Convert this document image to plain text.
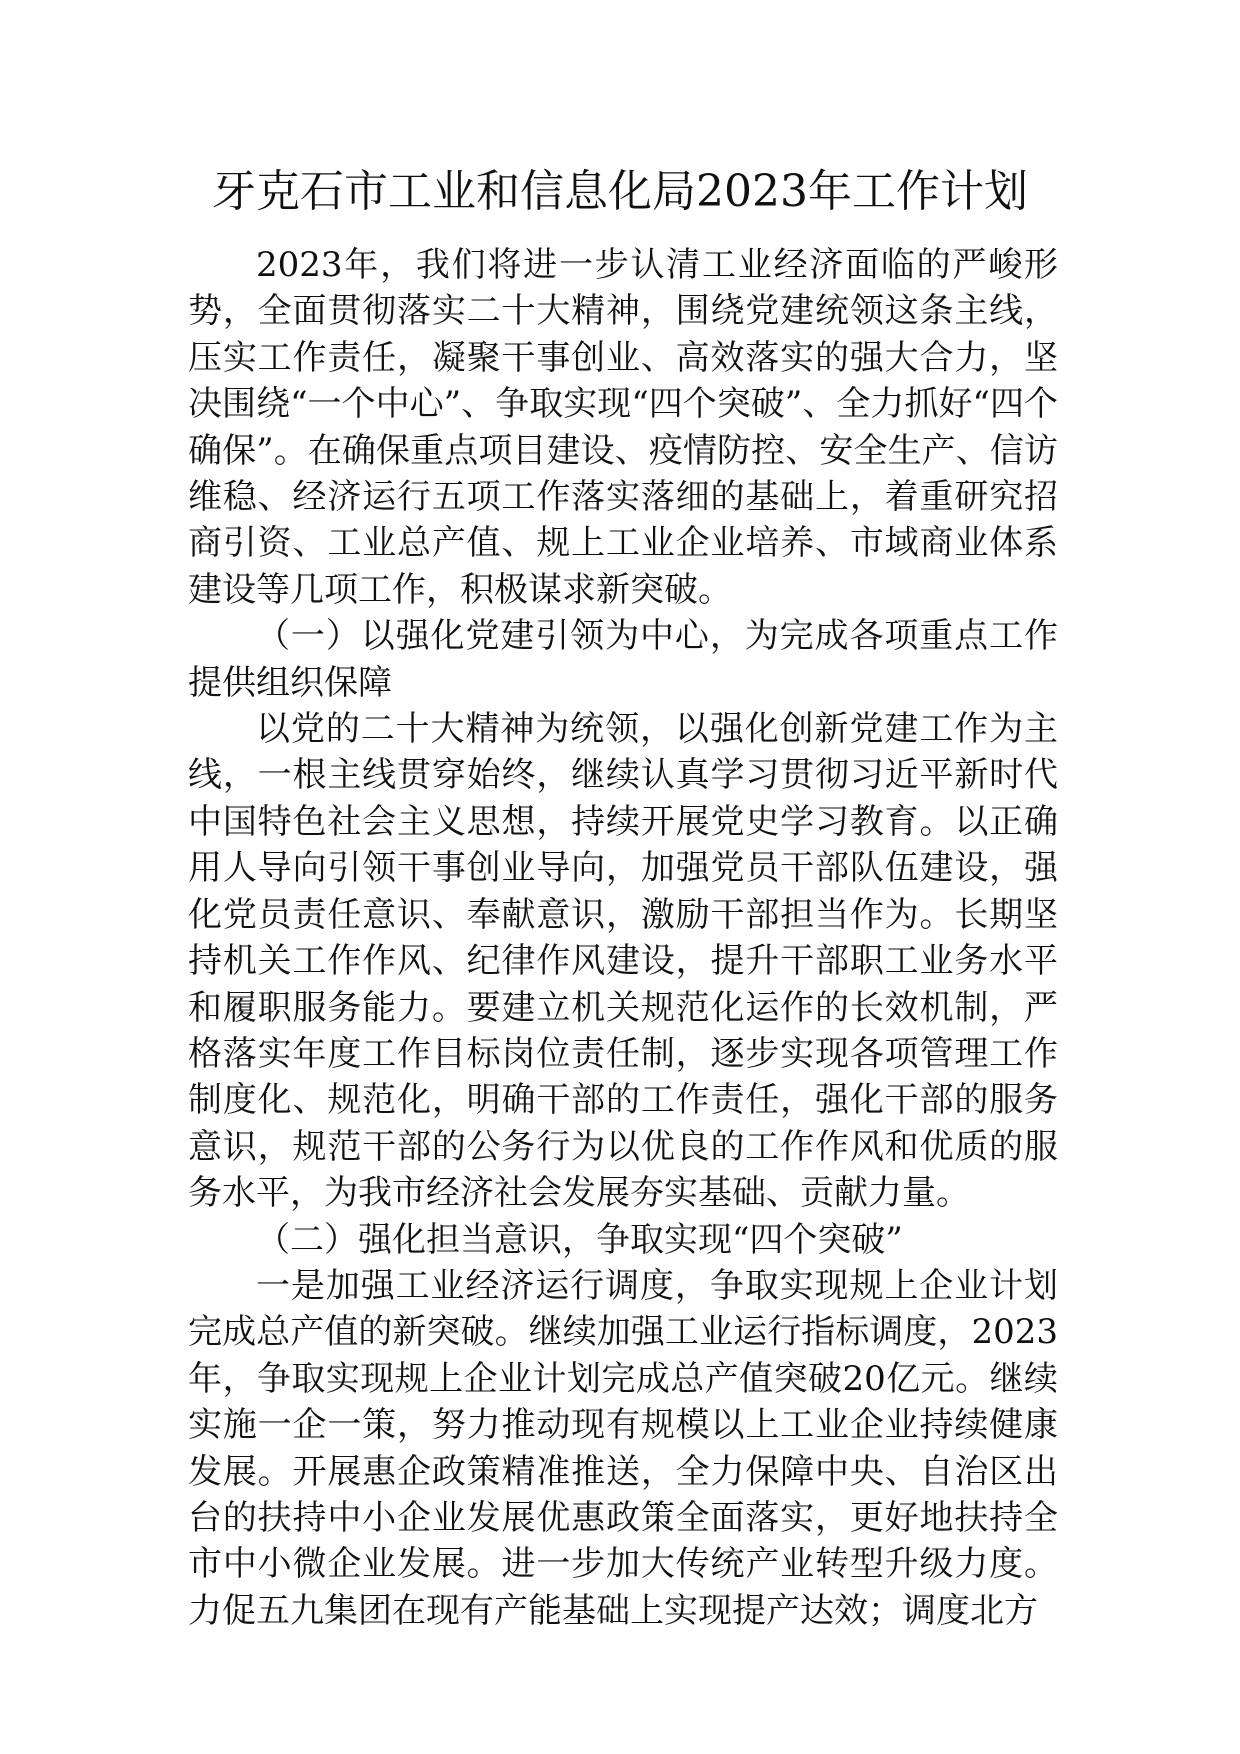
牙克石市工业和信息化局2023年工作计划

2023年，我们将进一步认清工业经济面临的严峻形势，全面贯彻落实二十大精神，围绕党建统领这条主线，压实工作责任，凝聚干事创业、高效落实的强大合力，坚决围绕“一个中心”、争取实现“四个突破”、全力抓好“四个确保”。在确保重点项目建设、疫情防控、安全生产、信访维稳、经济运行五项工作落实落细的基础上，着重研究招商引资、工业总产值、规上工业企业培养、市域商业体系建设等几项工作，积极谋求新突破。

（一）以强化党建引领为中心，为完成各项重点工作提供组织保障

以党的二十大精神为统领，以强化创新党建工作为主线，一根主线贯穿始终，继续认真学习贯彻习近平新时代中国特色社会主义思想，持续开展党史学习教育。以正确用人导向引领干事创业导向，加强党员干部队伍建设，强化党员责任意识、奉献意识，激励干部担当作为。长期坚持机关工作作风、纪律作风建设，提升干部职工业务水平和履职服务能力。要建立机关规范化运作的长效机制，严格落实年度工作目标岗位责任制，逐步实现各项管理工作制度化、规范化，明确干部的工作责任，强化干部的服务意识，规范干部的公务行为以优良的工作作风和优质的服务水平，为我市经济社会发展夯实基础、贡献力量。

（二）强化担当意识，争取实现“四个突破”

一是加强工业经济运行调度，争取实现规上企业计划完成总产值的新突破。继续加强工业运行指标调度，2023年，争取实现规上企业计划完成总产值突破20亿元。继续实施一企一策，努力推动现有规模以上工业企业持续健康发展。开展惠企政策精准推送，全力保障中央、自治区出台的扶持中小企业发展优惠政策全面落实，更好地扶持全市中小微企业发展。进一步加大传统产业转型升级力度。力促五九集团在现有产能基础上实现提产达效；调度北方
